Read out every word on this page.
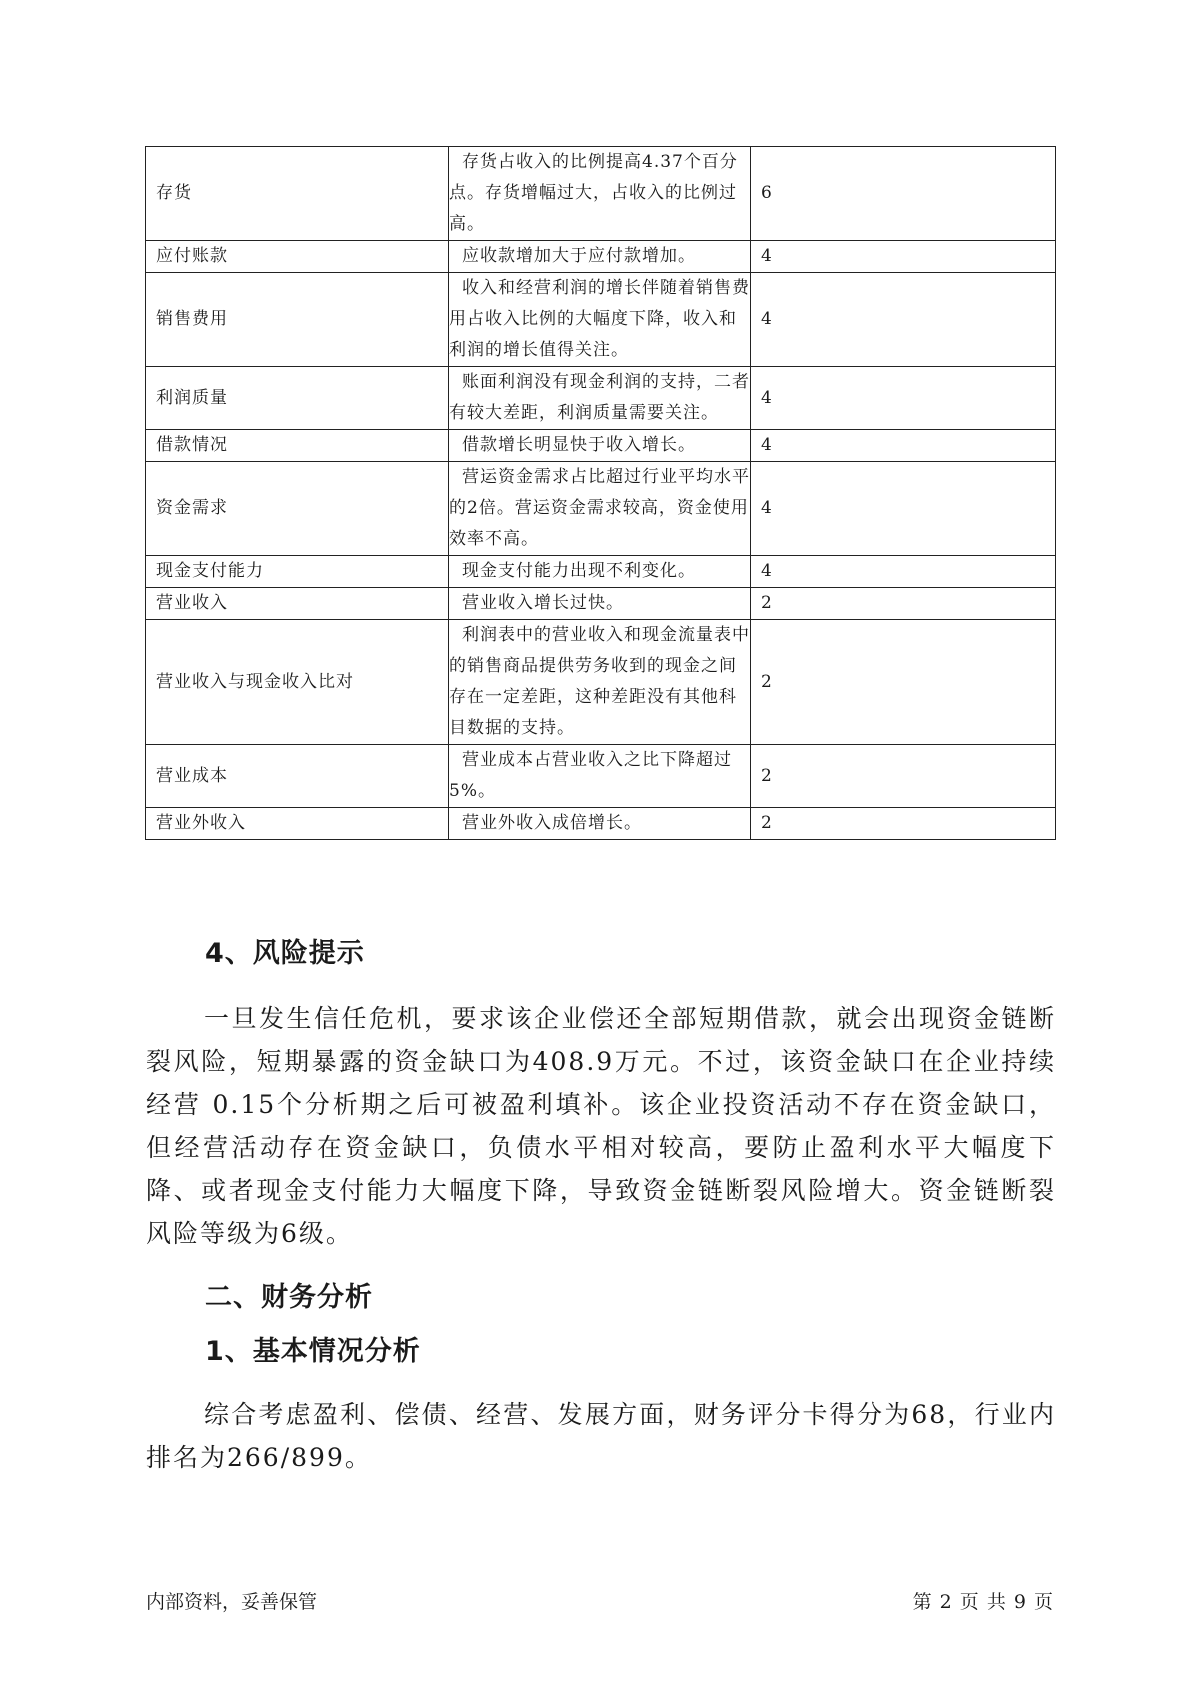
存货	存货占收入的比例提高4.37个百分点。存货增幅过大，占收入的比例过高。	6
应付账款	应收款增加大于应付款增加。	4
销售费用	收入和经营利润的增长伴随着销售费用占收入比例的大幅度下降，收入和利润的增长值得关注。	4
利润质量	账面利润没有现金利润的支持，二者有较大差距，利润质量需要关注。	4
借款情况	借款增长明显快于收入增长。	4
资金需求	营运资金需求占比超过行业平均水平的2倍。营运资金需求较高，资金使用效率不高。	4
现金支付能力	现金支付能力出现不利变化。	4
营业收入	营业收入增长过快。	2
营业收入与现金收入比对	利润表中的营业收入和现金流量表中的销售商品提供劳务收到的现金之间存在一定差距，这种差距没有其他科目数据的支持。	2
营业成本	营业成本占营业收入之比下降超过5%。	2
营业外收入	营业外收入成倍增长。	2
4、风险提示

一旦发生信任危机，要求该企业偿还全部短期借款，就会出现资金链断裂风险，短期暴露的资金缺口为408.9万元。不过，该资金缺口在企业持续经营 0.15个分析期之后可被盈利填补。该企业投资活动不存在资金缺口，但经营活动存在资金缺口，负债水平相对较高，要防止盈利水平大幅度下降、或者现金支付能力大幅度下降，导致资金链断裂风险增大。资金链断裂风险等级为6级。

二、财务分析
1、基本情况分析

综合考虑盈利、偿债、经营、发展方面，财务评分卡得分为68，行业内排名为266/899。

内部资料，妥善保管	第 2 页 共 9 页
